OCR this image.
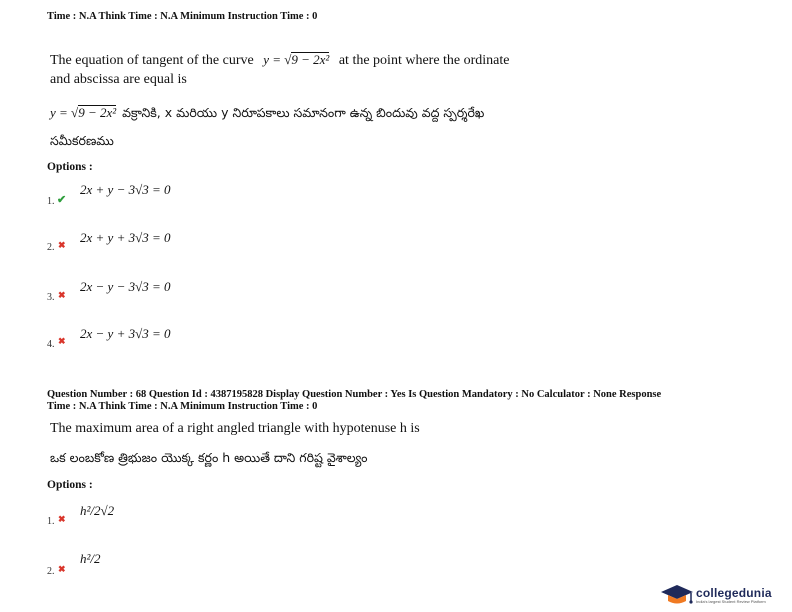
Time : N.A Think Time : N.A Minimum Instruction Time : 0
The equation of tangent of the curve y = √9 − 2x² at the point where the ordinate
and abscissa are equal is
y = √9 − 2x² వక్రానికి, x మరియు y నిరూపకాలు సమానంగా ఉన్న బిందువు వద్ద స్పర్శరేఖ
సమీకరణము
Options :
1. ✔
2x + y − 3√3 = 0
2. ✖ 2x + y + 3√3 = 0
3. ✖
2x − y − 3√3 = 0
4. ✖ 2x − y + 3√3 = 0
Question Number : 68 Question Id : 4387195828 Display Question Number : Yes Is Question Mandatory : No Calculator : None Response
Time : N.A Think Time : N.A Minimum Instruction Time : 0
The maximum area of a right angled triangle with hypotenuse h is
ఒక లంబకోణ త్రిభుజం యొక్క కర్ణం h అయితే దాని గరిష్ట వైశాల్యం
Options :
1. ✖
h²/2√2
2. ✖
h²/2
collegedunia
India's largest Student Review Platform
